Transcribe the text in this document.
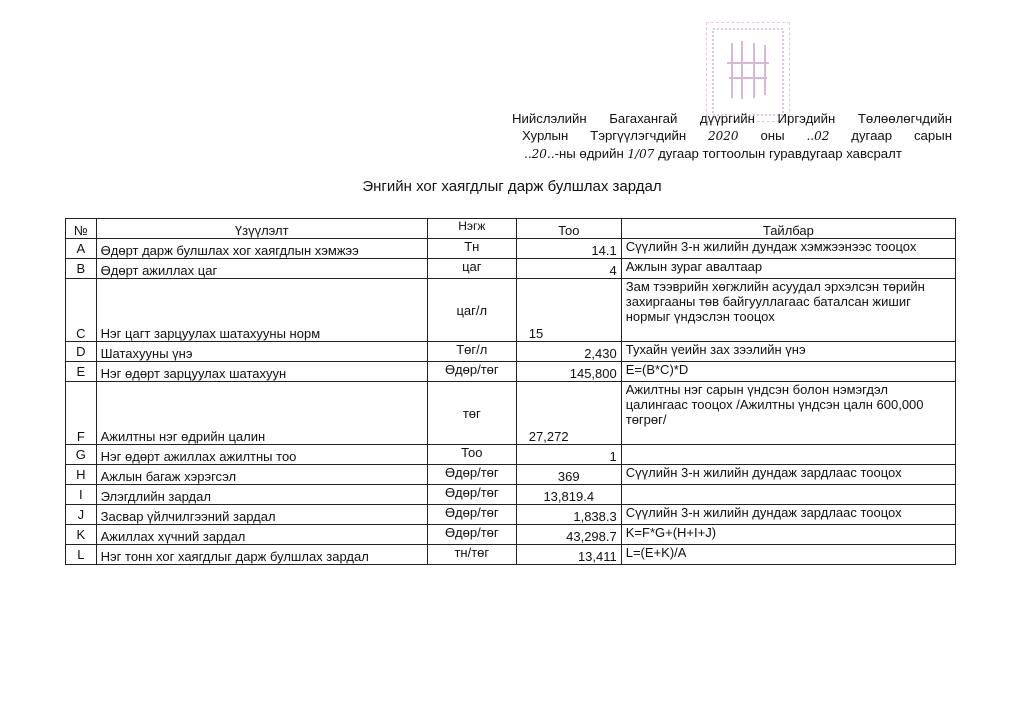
Нийслэлийн Багахангай дүүргийн Иргэдийн Төлөөлөгчдийн
Хурлын Тэргүүлэгчдийн 2020 оны ..02 дугаар сарын
..20..-ны өдрийн 1/07 дугаар тогтоолын гуравдугаар хавсралт
Энгийн хог хаягдлыг дарж булшлах зардал
№	Үзүүлэлт	Нэгж	Тоо	Тайлбар
A	Өдөрт дарж булшлах хог хаягдлын хэмжээ	Тн	14.1	Сүүлийн 3-н жилийн дундаж хэмжээнээс тооцох
B	Өдөрт ажиллах цаг	цаг	4	Ажлын зураг авалтаар
C	Нэг цагт зарцуулах шатахууны норм	цаг/л	15	Зам тээврийн хөгжлийн асуудал эрхэлсэн төрийн захиргааны төв байгууллагаас баталсан жишиг нормыг үндэслэн тооцох
D	Шатахууны үнэ	Төг/л	2,430	Тухайн үеийн зах зээлийн үнэ
E	Нэг өдөрт зарцуулах шатахуун	Өдөр/төг	145,800	E=(B*C)*D
F	Ажилтны нэг өдрийн цалин	төг	27,272	Ажилтны нэг сарын үндсэн болон нэмэгдэл цалингаас тооцох /Ажилтны үндсэн цалн 600,000 төгрөг/
G	Нэг өдөрт ажиллах ажилтны тоо	Тоо	1	
H	Ажлын багаж хэрэгсэл	Өдөр/төг	369	Сүүлийн 3-н жилийн дундаж зардлаас тооцох
I	Элэгдлийн зардал	Өдөр/төг	13,819.4	
J	Засвар үйлчилгээний зардал	Өдөр/төг	1,838.3	Сүүлийн 3-н жилийн дундаж зардлаас тооцох
K	Ажиллах хүчний зардал	Өдөр/төг	43,298.7	K=F*G+(H+I+J)
L	Нэг тонн хог хаягдлыг дарж булшлах зардал	тн/төг	13,411	L=(E+K)/A
